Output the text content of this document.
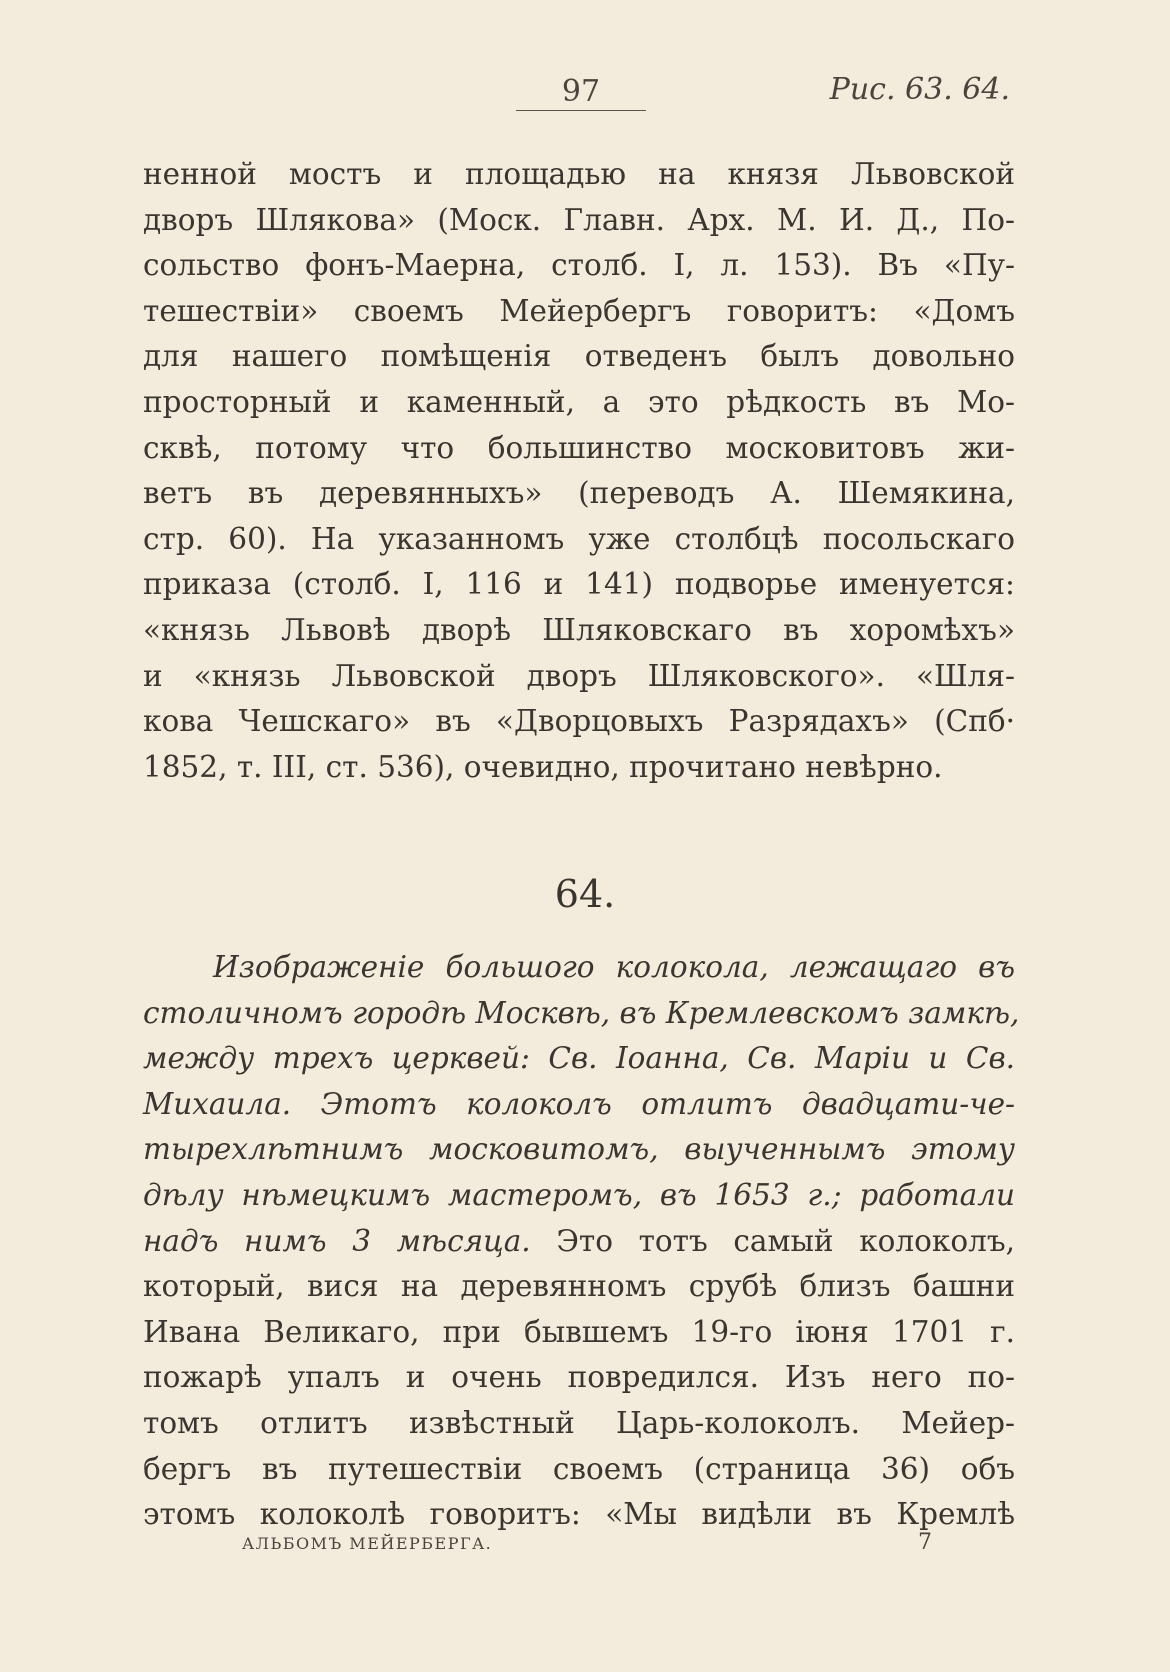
97	Рис. 63. 64.
ненной мостъ и площадью на князя Львовской
дворъ Шлякова» (Моск. Главн. Арх. М. И. Д., По-
сольство фонъ-Маерна, столб. I, л. 153). Въ «Пу-
тешествіи» своемъ Мейербергъ говоритъ: «Домъ
для нашего помѣщенія отведенъ былъ довольно
просторный и каменный, а это рѣдкость въ Мо-
сквѣ, потому что большинство московитовъ жи-
ветъ въ деревянныхъ» (переводъ А. Шемякина,
стр. 60). На указанномъ уже столбцѣ посольскаго
приказа (столб. I, 116 и 141) подворье именуется:
«князь Львовѣ дворѣ Шляковскаго въ хоромѣхъ»
и «князь Львовской дворъ Шляковского». «Шля-
кова Чешскаго» въ «Дворцовыхъ Разрядахъ» (Спб·
1852, т. III, ст. 536), очевидно, прочитано невѣрно.
64.
Изображеніе большого колокола, лежащаго въ
столичномъ городѣ Москвѣ, въ Кремлевскомъ замкѣ,
между трехъ церквей: Св. Іоанна, Св. Маріи и Св.
Михаила. Этотъ колоколъ отлитъ двадцати-че-
тырехлѣтнимъ московитомъ, выученнымъ этому
дѣлу нѣмецкимъ мастеромъ, въ 1653 г.; работали
надъ нимъ 3 мѣсяца. Это тотъ самый колоколъ,
который, вися на деревянномъ срубѣ близъ башни
Ивана Великаго, при бывшемъ 19-го іюня 1701 г.
пожарѣ упалъ и очень повредился. Изъ него по-
томъ отлитъ извѣстный Царь-колоколъ. Мейер-
бергъ въ путешествіи своемъ (страница 36) объ
этомъ колоколѣ говоритъ: «Мы видѣли въ Кремлѣ
АЛЬБОМЪ МЕЙЕРБЕРГА.	7
